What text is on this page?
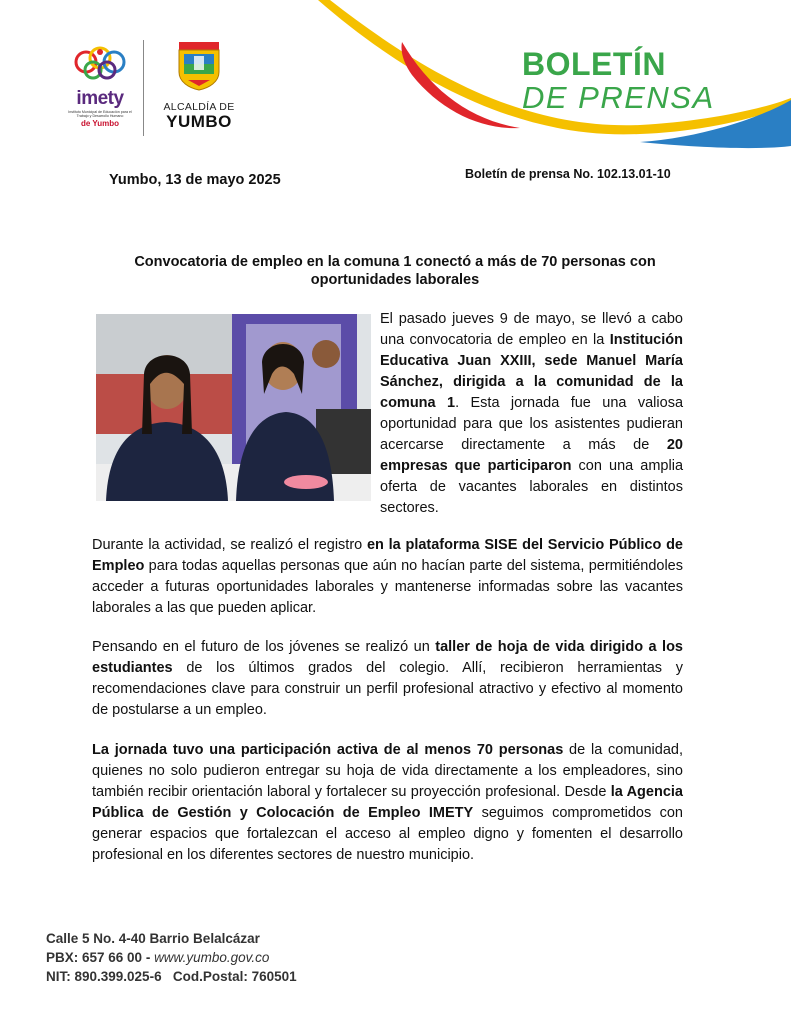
imety
Instituto Municipal de Educación para el Trabajo y Desarrollo Humano
de Yumbo
ALCALDÍA DE
YUMBO
BOLETÍN
DE PRENSA
Yumbo, 13 de mayo 2025	Boletín de prensa No. 102.13.01-10
Convocatoria de empleo en la comuna 1 conectó a más de 70 personas con oportunidades laborales
El pasado jueves 9 de mayo, se llevó a cabo una convocatoria de empleo en la Institución Educativa Juan XXIII, sede Manuel María Sánchez, dirigida a la comunidad de la comuna 1. Esta jornada fue una valiosa oportunidad para que los asistentes pudieran acercarse directamente a más de 20 empresas que participaron con una amplia oferta de vacantes laborales en distintos sectores.
Durante la actividad, se realizó el registro en la plataforma SISE del Servicio Público de Empleo para todas aquellas personas que aún no hacían parte del sistema, permitiéndoles acceder a futuras oportunidades laborales y mantenerse informadas sobre las vacantes laborales a las que pueden aplicar.
Pensando en el futuro de los jóvenes se realizó un taller de hoja de vida dirigido a los estudiantes de los últimos grados del colegio. Allí, recibieron herramientas y recomendaciones clave para construir un perfil profesional atractivo y efectivo al momento de postularse a un empleo.
La jornada tuvo una participación activa de al menos 70 personas de la comunidad, quienes no solo pudieron entregar su hoja de vida directamente a los empleadores, sino también recibir orientación laboral y fortalecer su proyección profesional. Desde la Agencia Pública de Gestión y Colocación de Empleo IMETY seguimos comprometidos con generar espacios que fortalezcan el acceso al empleo digno y fomenten el desarrollo profesional en los diferentes sectores de nuestro municipio.
Calle 5 No. 4-40 Barrio Belalcázar
PBX: 657 66 00 - www.yumbo.gov.co
NIT: 890.399.025-6   Cod.Postal: 760501
